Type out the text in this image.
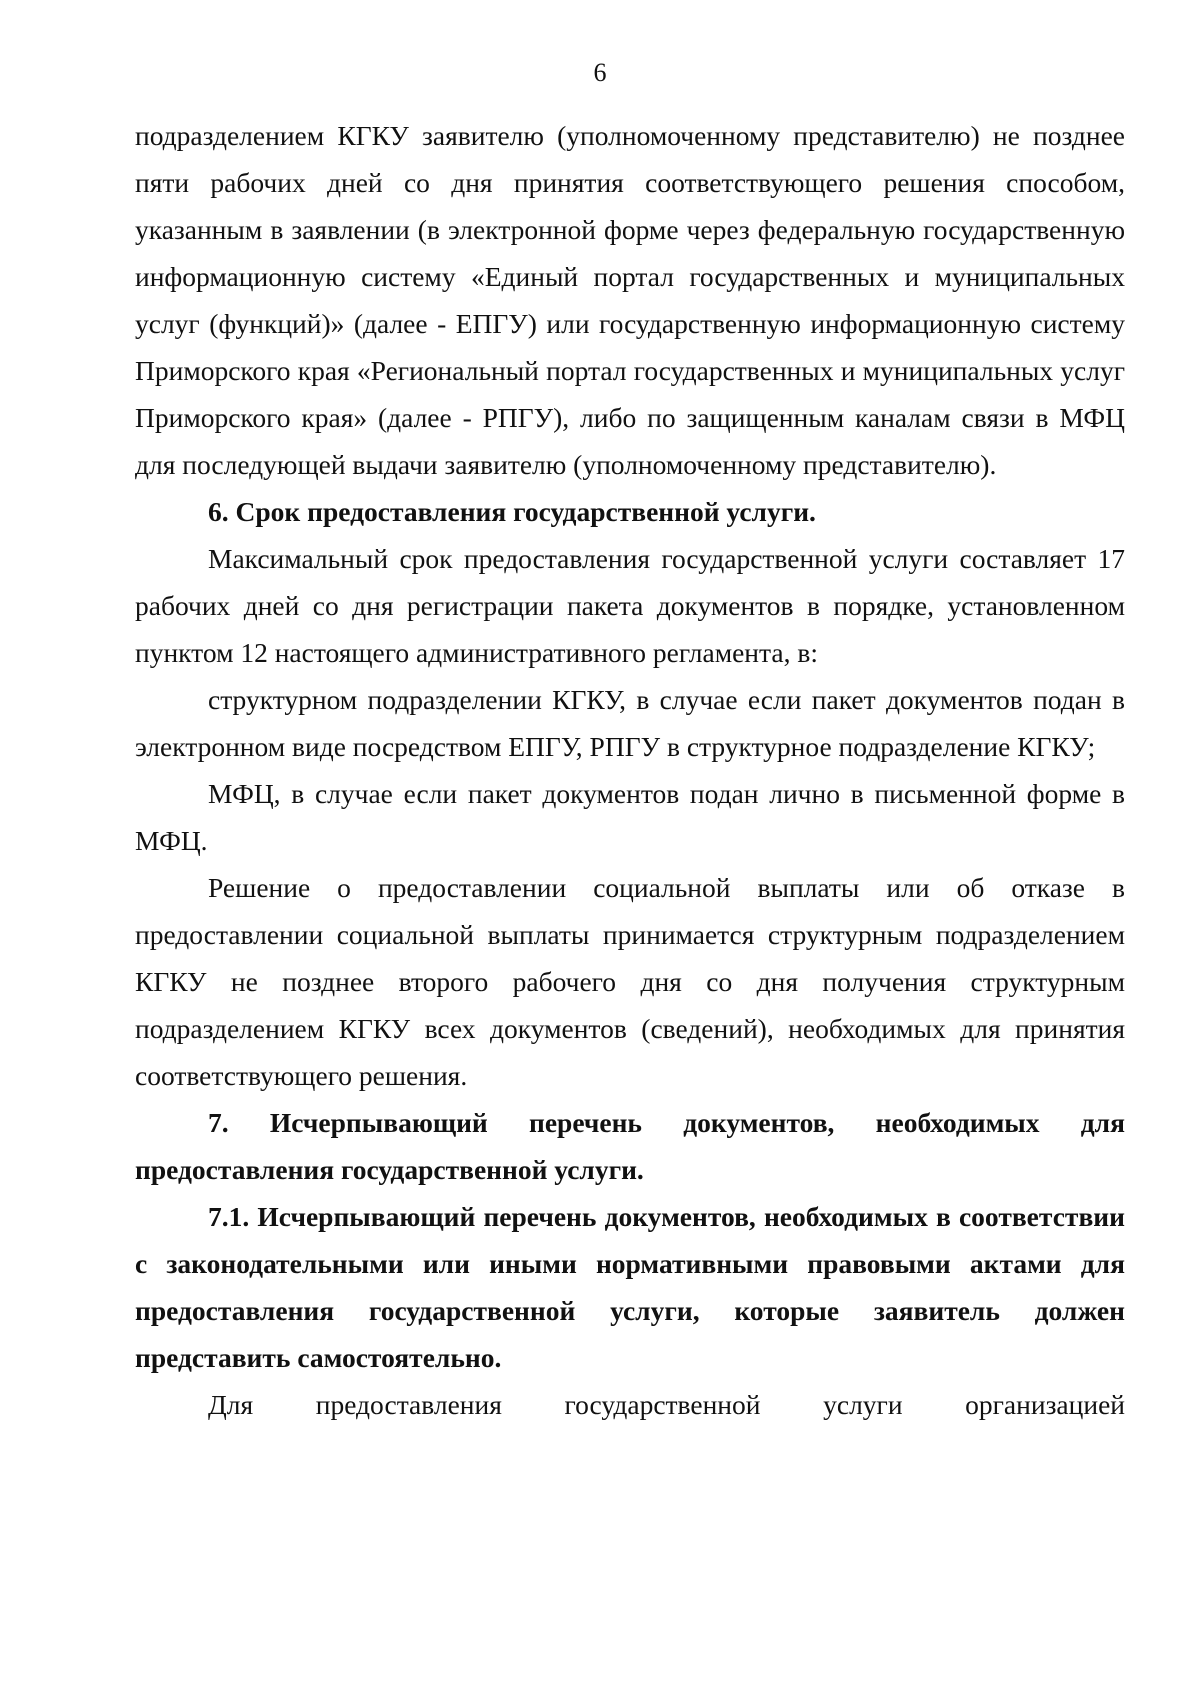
6

подразделением КГКУ заявителю (уполномоченному представителю) не позднее пяти рабочих дней со дня принятия соответствующего решения способом, указанным в заявлении (в электронной форме через федеральную государственную информационную систему «Единый портал государственных и муниципальных услуг (функций)» (далее - ЕПГУ) или государственную информационную систему Приморского края «Региональный портал государственных и муниципальных услуг Приморского края» (далее - РПГУ), либо по защищенным каналам связи в МФЦ для последующей выдачи заявителю (уполномоченному представителю).

6. Срок предоставления государственной услуги.

Максимальный срок предоставления государственной услуги составляет 17 рабочих дней со дня регистрации пакета документов в порядке, установленном пунктом 12 настоящего административного регламента, в:

структурном подразделении КГКУ, в случае если пакет документов подан в электронном виде посредством ЕПГУ, РПГУ в структурное подразделение КГКУ;

МФЦ, в случае если пакет документов подан лично в письменной форме в МФЦ.

Решение о предоставлении социальной выплаты или об отказе в предоставлении социальной выплаты принимается структурным подразделением КГКУ не позднее второго рабочего дня со дня получения структурным подразделением КГКУ всех документов (сведений), необходимых для принятия соответствующего решения.

7. Исчерпывающий перечень документов, необходимых для предоставления государственной услуги.

7.1. Исчерпывающий перечень документов, необходимых в соответствии с законодательными или иными нормативными правовыми актами для предоставления государственной услуги, которые заявитель должен представить самостоятельно.

Для предоставления государственной услуги организацией
